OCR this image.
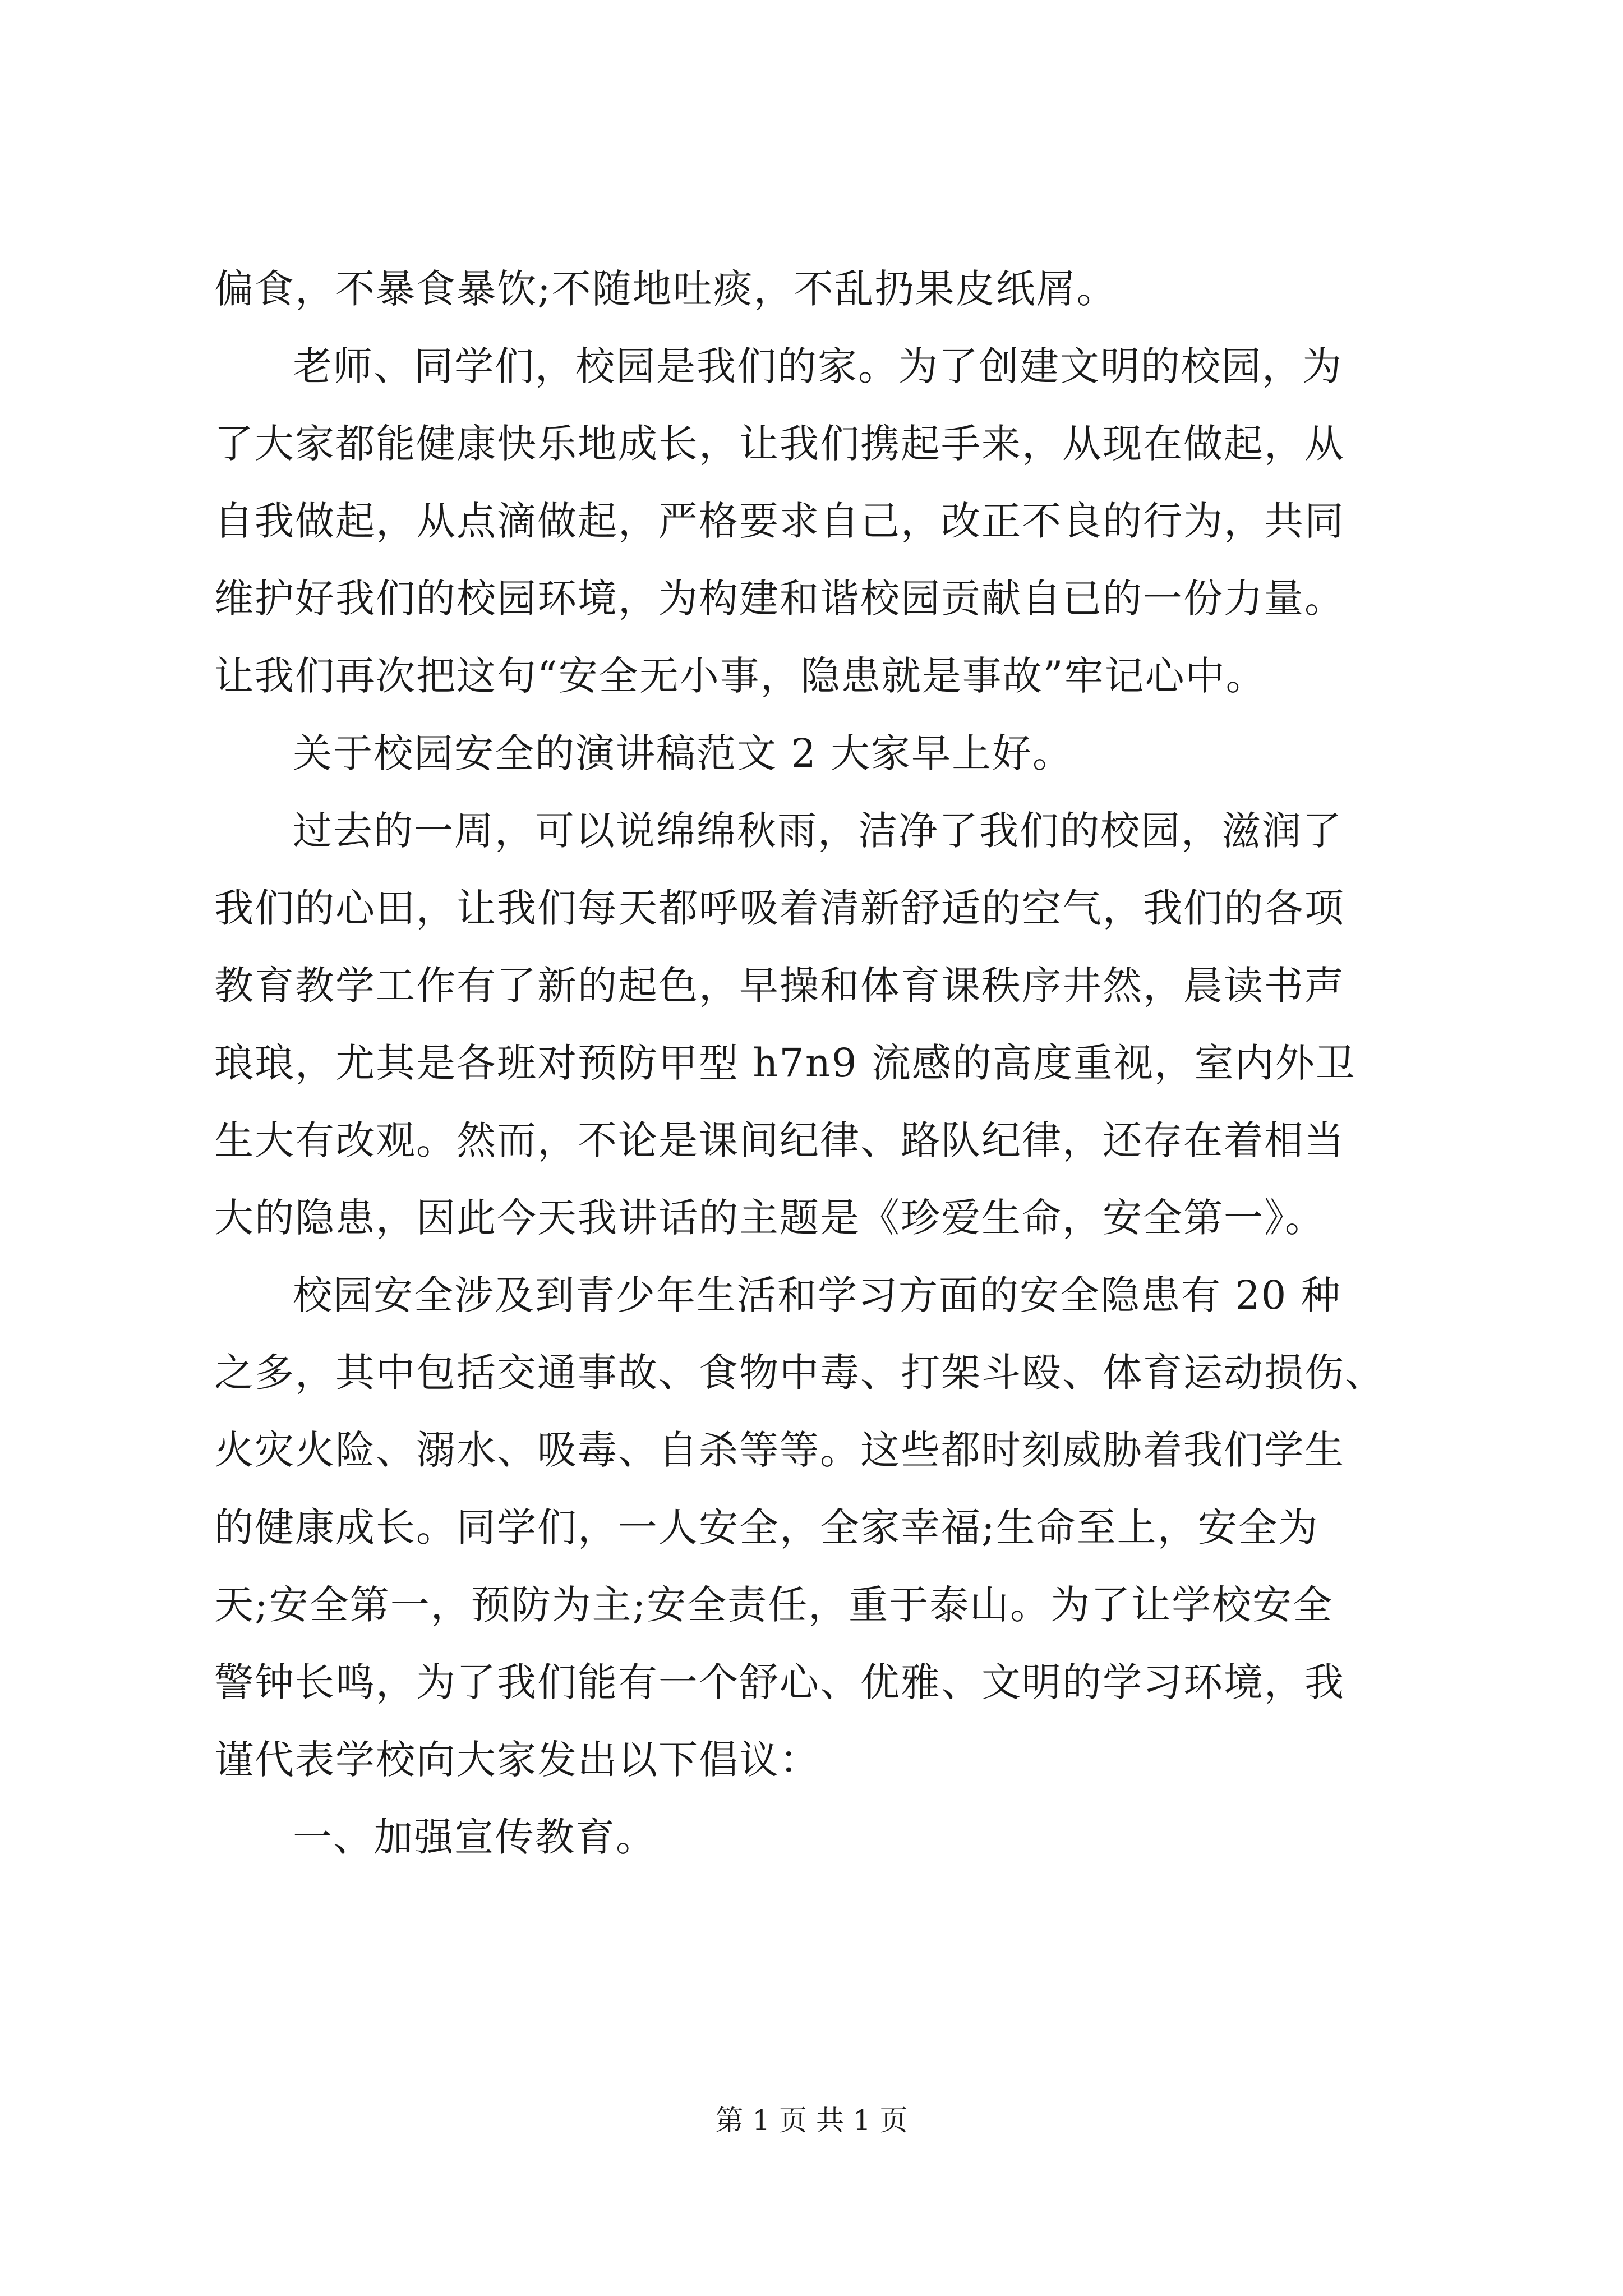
偏食，不暴食暴饮;不随地吐痰，不乱扔果皮纸屑。
老师、同学们，校园是我们的家。为了创建文明的校园，为
了大家都能健康快乐地成长，让我们携起手来，从现在做起，从
自我做起，从点滴做起，严格要求自己，改正不良的行为，共同
维护好我们的校园环境，为构建和谐校园贡献自已的一份力量。
让我们再次把这句“安全无小事，隐患就是事故”牢记心中。
关于校园安全的演讲稿范文 2 大家早上好。
过去的一周，可以说绵绵秋雨，洁净了我们的校园，滋润了
我们的心田，让我们每天都呼吸着清新舒适的空气，我们的各项
教育教学工作有了新的起色，早操和体育课秩序井然，晨读书声
琅琅，尤其是各班对预防甲型 h7n9 流感的高度重视，室内外卫
生大有改观。然而，不论是课间纪律、路队纪律，还存在着相当
大的隐患，因此今天我讲话的主题是《珍爱生命，安全第一》。
校园安全涉及到青少年生活和学习方面的安全隐患有 20 种
之多，其中包括交通事故、食物中毒、打架斗殴、体育运动损伤、
火灾火险、溺水、吸毒、自杀等等。这些都时刻威胁着我们学生
的健康成长。同学们，一人安全，全家幸福;生命至上，安全为
天;安全第一，预防为主;安全责任，重于泰山。为了让学校安全
警钟长鸣，为了我们能有一个舒心、优雅、文明的学习环境，我
谨代表学校向大家发出以下倡议：
一、加强宣传教育。
第 1 页 共 1 页
